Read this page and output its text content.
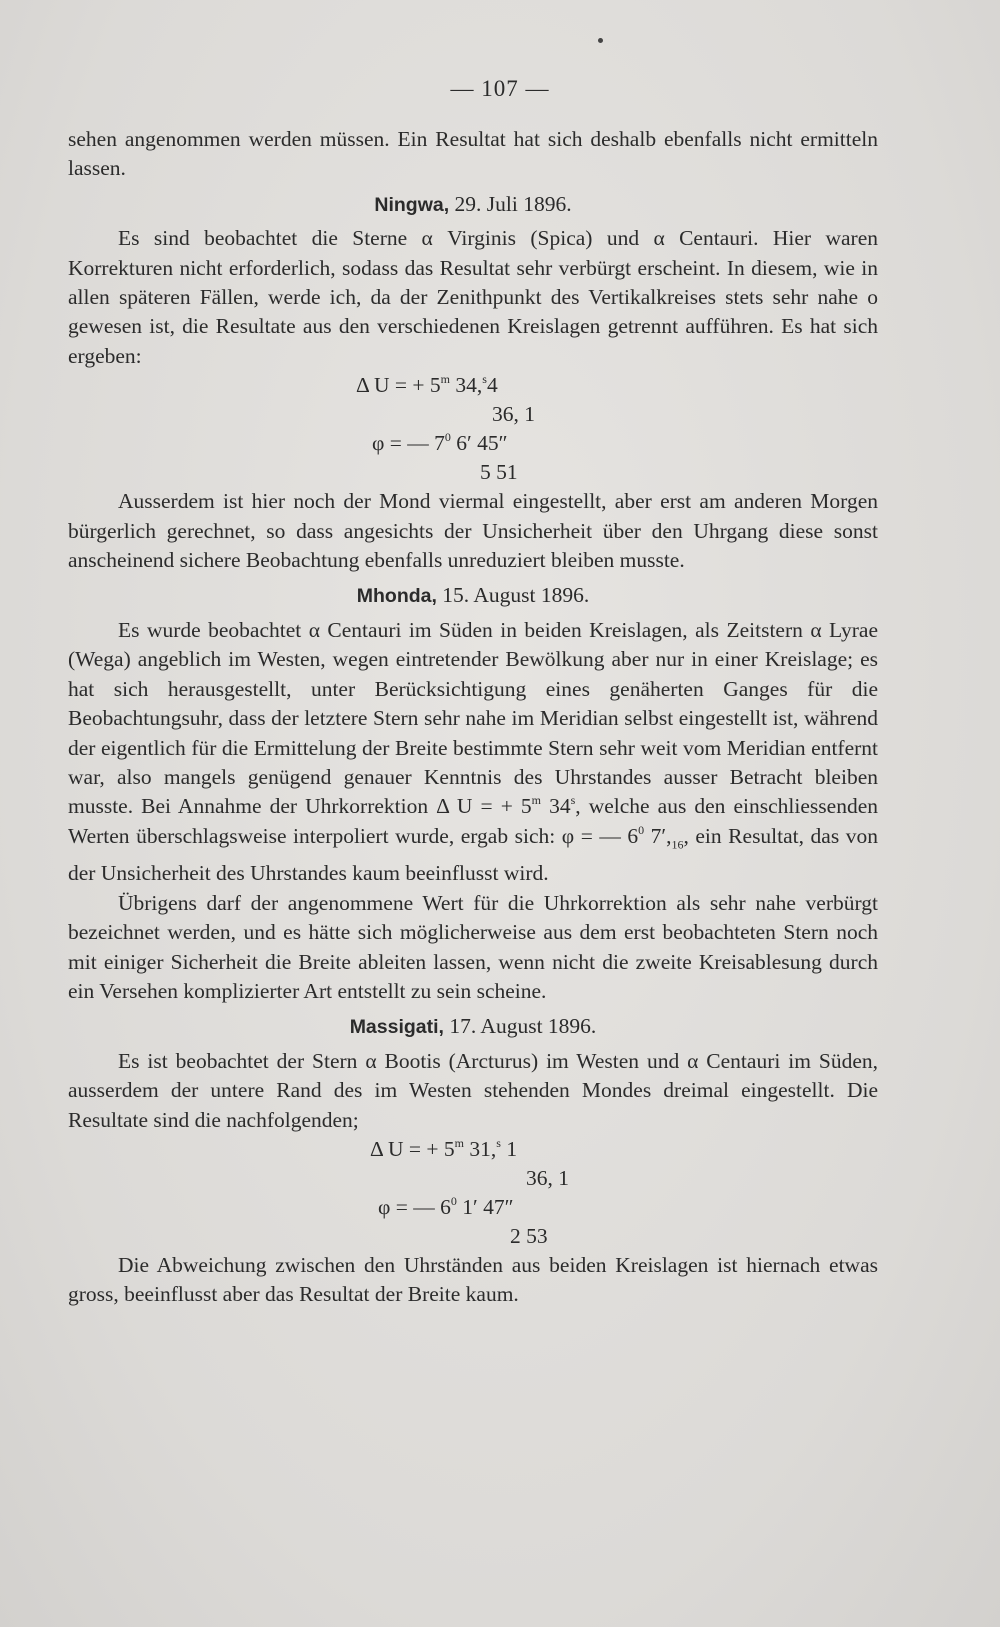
— 107 —

sehen angenommen werden müssen. Ein Resultat hat sich deshalb ebenfalls nicht ermitteln lassen.

Ningwa, 29. Juli 1896.

Es sind beobachtet die Sterne α Virginis (Spica) und α Centauri. Hier waren Korrekturen nicht erforderlich, sodass das Resultat sehr verbürgt erscheint. In diesem, wie in allen späteren Fällen, werde ich, da der Zenithpunkt des Vertikalkreises stets sehr nahe o gewesen ist, die Resultate aus den verschiedenen Kreislagen getrennt aufführen. Es hat sich ergeben:

Δ U = + $5^m$ 34,$^s$4
36, 1
φ = — $7^0$ 6′ 45″
5 51

Ausserdem ist hier noch der Mond viermal eingestellt, aber erst am anderen Morgen bürgerlich gerechnet, so dass angesichts der Unsicherheit über den Uhrgang diese sonst anscheinend sichere Beobachtung ebenfalls unreduziert bleiben musste.

Mhonda, 15. August 1896.

Es wurde beobachtet α Centauri im Süden in beiden Kreislagen, als Zeitstern α Lyrae (Wega) angeblich im Westen, wegen eintretender Bewölkung aber nur in einer Kreislage; es hat sich herausgestellt, unter Berücksichtigung eines genäherten Ganges für die Beobachtungsuhr, dass der letztere Stern sehr nahe im Meridian selbst eingestellt ist, während der eigentlich für die Ermittelung der Breite bestimmte Stern sehr weit vom Meridian entfernt war, also mangels genügend genauer Kenntnis des Uhrstandes ausser Betracht bleiben musste. Bei Annahme der Uhrkorrektion Δ U = + $5^m$ 34$^s$, welche aus den einschliessenden Werten überschlagsweise interpoliert wurde, ergab sich: φ = — $6^0$ $7',_{16}$, ein Resultat, das von der Unsicherheit des Uhrstandes kaum beeinflusst wird.

Übrigens darf der angenommene Wert für die Uhrkorrektion als sehr nahe verbürgt bezeichnet werden, und es hätte sich möglicherweise aus dem erst beobachteten Stern noch mit einiger Sicherheit die Breite ableiten lassen, wenn nicht die zweite Kreisablesung durch ein Versehen komplizierter Art entstellt zu sein scheine.

Massigati, 17. August 1896.

Es ist beobachtet der Stern α Bootis (Arcturus) im Westen und α Centauri im Süden, ausserdem der untere Rand des im Westen stehenden Mondes dreimal eingestellt. Die Resultate sind die nachfolgenden;

Δ U = + $5^m$ 31,$^s$ 1
36, 1
φ = — $6^0$ 1′ 47″
2 53

Die Abweichung zwischen den Uhrständen aus beiden Kreislagen ist hiernach etwas gross, beeinflusst aber das Resultat der Breite kaum.
